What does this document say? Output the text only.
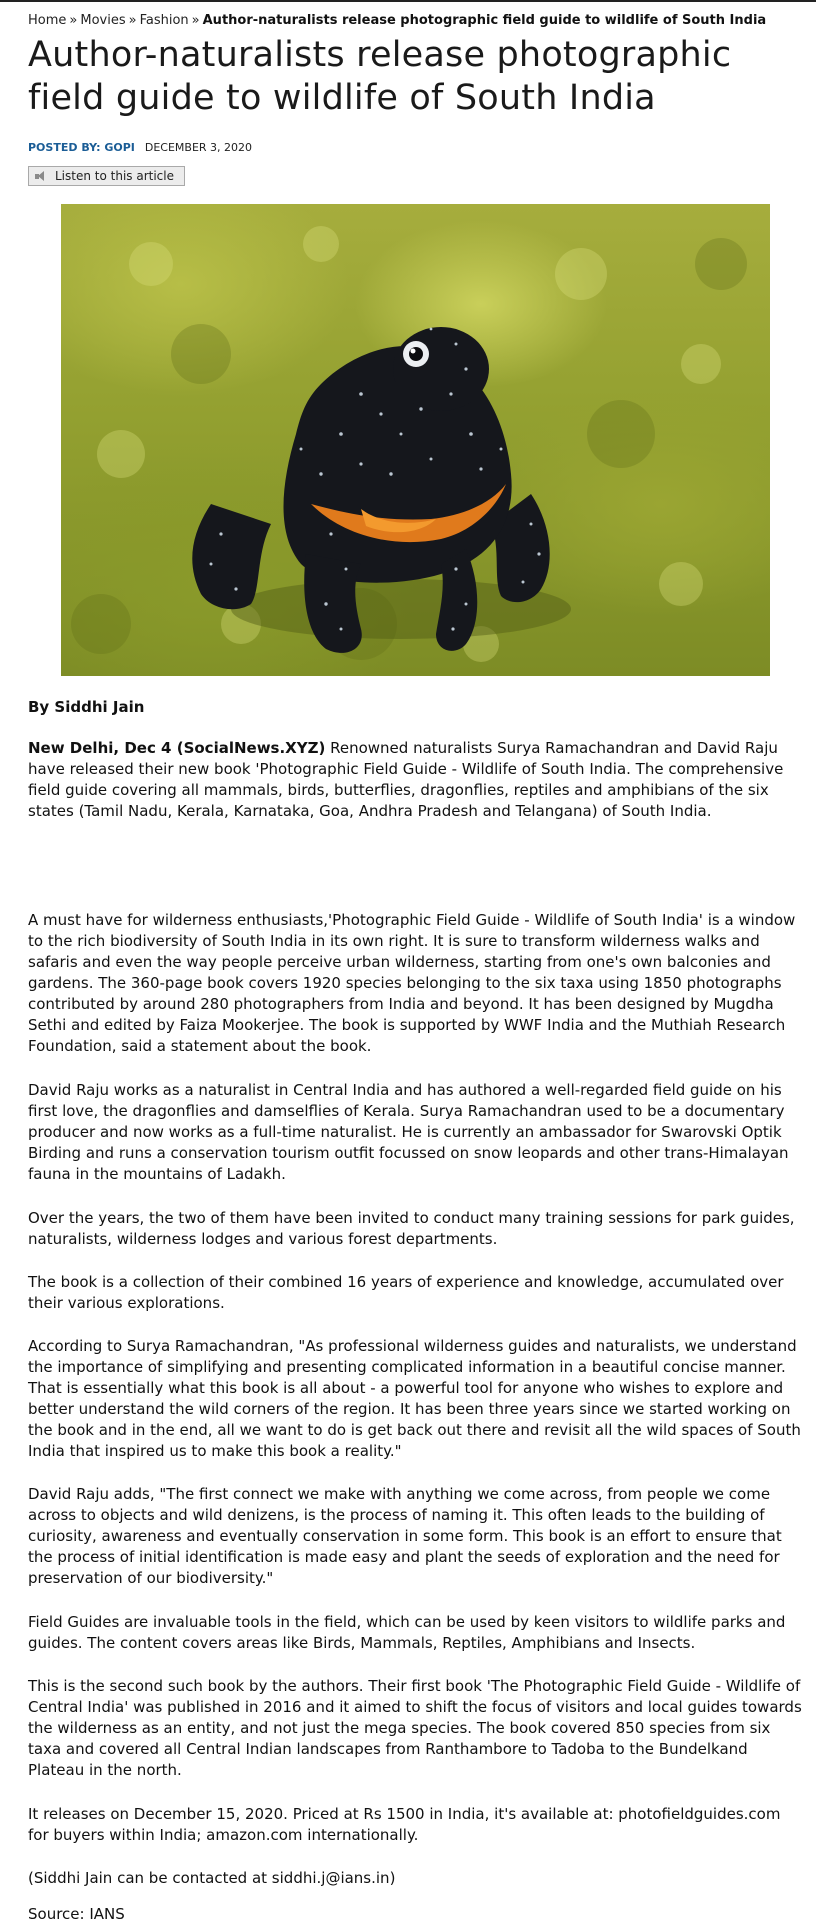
Home » Movies » Fashion » Author-naturalists release photographic field guide to wildlife of South India
Author-naturalists release photographic field guide to wildlife of South India
POSTED BY: GOPI DECEMBER 3, 2020
Listen to this article
By Siddhi Jain

New Delhi, Dec 4 (SocialNews.XYZ) Renowned naturalists Surya Ramachandran and David Raju have released their new book 'Photographic Field Guide - Wildlife of South India. The comprehensive field guide covering all mammals, birds, butterflies, dragonflies, reptiles and amphibians of the six states (Tamil Nadu, Kerala, Karnataka, Goa, Andhra Pradesh and Telangana) of South India.

A must have for wilderness enthusiasts,'Photographic Field Guide - Wildlife of South India' is a window to the rich biodiversity of South India in its own right. It is sure to transform wilderness walks and safaris and even the way people perceive urban wilderness, starting from one's own balconies and gardens. The 360-page book covers 1920 species belonging to the six taxa using 1850 photographs contributed by around 280 photographers from India and beyond. It has been designed by Mugdha Sethi and edited by Faiza Mookerjee. The book is supported by WWF India and the Muthiah Research Foundation, said a statement about the book.
David Raju works as a naturalist in Central India and has authored a well-regarded field guide on his first love, the dragonflies and damselflies of Kerala. Surya Ramachandran used to be a documentary producer and now works as a full-time naturalist. He is currently an ambassador for Swarovski Optik Birding and runs a conservation tourism outfit focussed on snow leopards and other trans-Himalayan fauna in the mountains of Ladakh.
Over the years, the two of them have been invited to conduct many training sessions for park guides, naturalists, wilderness lodges and various forest departments.
The book is a collection of their combined 16 years of experience and knowledge, accumulated over their various explorations.
According to Surya Ramachandran, "As professional wilderness guides and naturalists, we understand the importance of simplifying and presenting complicated information in a beautiful concise manner. That is essentially what this book is all about - a powerful tool for anyone who wishes to explore and better understand the wild corners of the region. It has been three years since we started working on the book and in the end, all we want to do is get back out there and revisit all the wild spaces of South India that inspired us to make this book a reality."
David Raju adds, "The first connect we make with anything we come across, from people we come across to objects and wild denizens, is the process of naming it. This often leads to the building of curiosity, awareness and eventually conservation in some form. This book is an effort to ensure that the process of initial identification is made easy and plant the seeds of exploration and the need for preservation of our biodiversity."
Field Guides are invaluable tools in the field, which can be used by keen visitors to wildlife parks and guides. The content covers areas like Birds, Mammals, Reptiles, Amphibians and Insects.
This is the second such book by the authors. Their first book 'The Photographic Field Guide - Wildlife of Central India' was published in 2016 and it aimed to shift the focus of visitors and local guides towards the wilderness as an entity, and not just the mega species. The book covered 850 species from six taxa and covered all Central Indian landscapes from Ranthambore to Tadoba to the Bundelkand Plateau in the north.
It releases on December 15, 2020. Priced at Rs 1500 in India, it's available at: photofieldguides.com for buyers within India; amazon.com internationally.
(Siddhi Jain can be contacted at siddhi.j@ians.in)
Source: IANS
